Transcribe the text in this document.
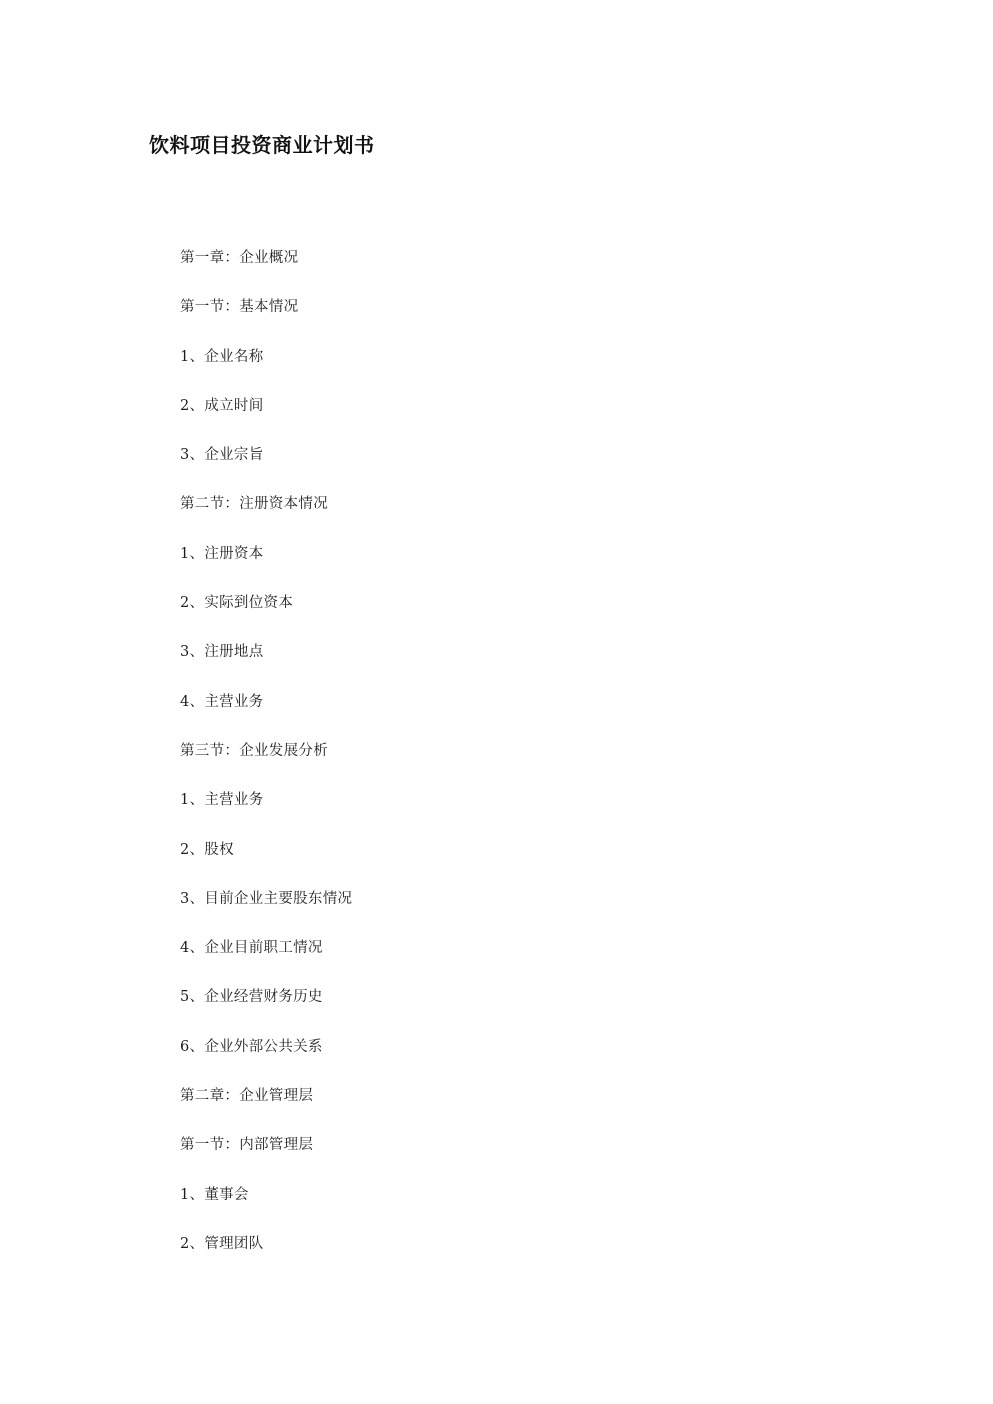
饮料项目投资商业计划书
第一章：企业概况
第一节：基本情况
1、企业名称
2、成立时间
3、企业宗旨
第二节：注册资本情况
1、注册资本
2、实际到位资本
3、注册地点
4、主营业务
第三节：企业发展分析
1、主营业务
2、股权
3、目前企业主要股东情况
4、企业目前职工情况
5、企业经营财务历史
6、企业外部公共关系
第二章：企业管理层
第一节：内部管理层
1、董事会
2、管理团队
